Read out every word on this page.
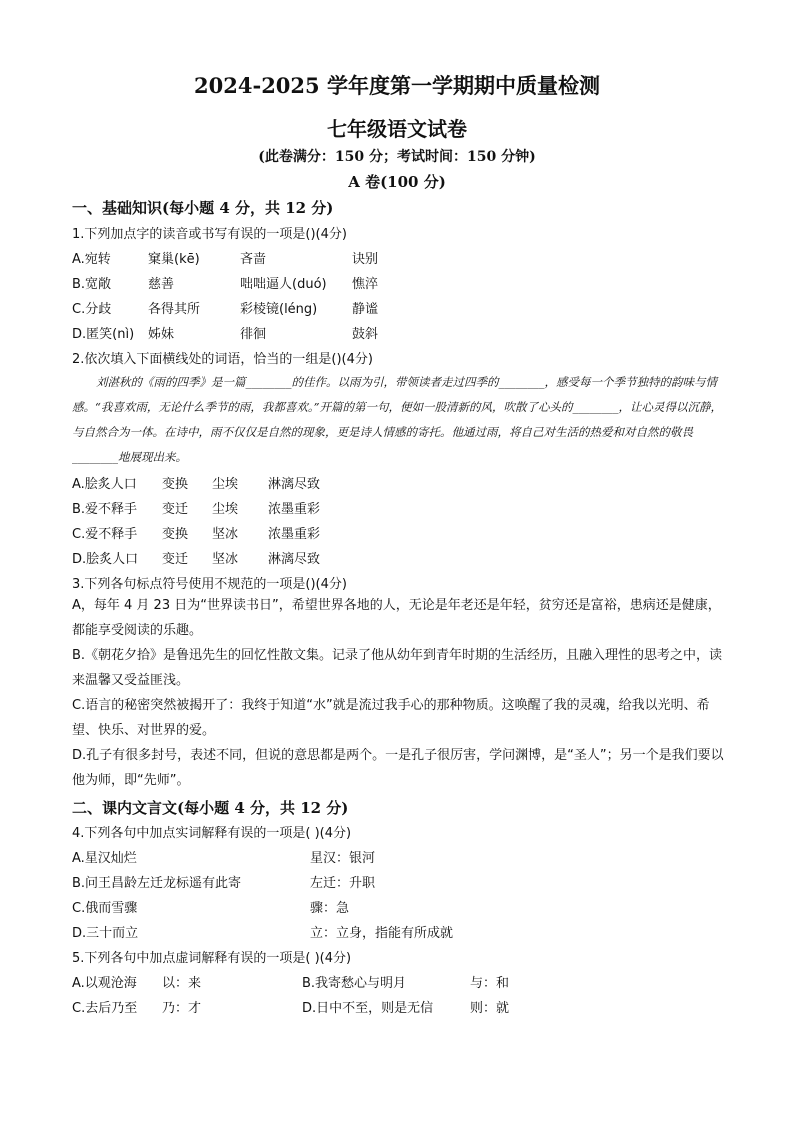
2024-2025 学年度第一学期期中质量检测
七年级语文试卷
(此卷满分：150 分；考试时间：150 分钟)
A 卷(100 分)
一、基础知识(每小题 4 分，共 12 分)
1.下列加点字的读音或书写有误的一项是()(4分)
A.宛转	窠巢(kē)	吝啬	诀别
B.宽敞	慈善	咄咄逼人(duó) 憔淬
C.分歧	各得其所	彩棱镜(léng)	静谧
D.匿笑(nì) 姊妹	徘徊	鼓斜
2.依次填入下面横线处的词语，恰当的一组是()(4分)
刘湛秋的《雨的四季》是一篇________的佳作。以雨为引，带领读者走过四季的________，感受每一个季节独特的韵味与情感。“我喜欢雨，无论什么季节的雨，我都喜欢。”开篇的第一句，便如一股清新的风，吹散了心头的________，让心灵得以沉静，与自然合为一体。在诗中，雨不仅仅是自然的现象，更是诗人情感的寄托。他通过雨，将自己对生活的热爱和对自然的敬畏________地展现出来。
A.脍炙人口 变换 尘埃 淋漓尽致
B.爱不释手 变迁 尘埃 浓墨重彩
C.爱不释手 变换 坚冰 浓墨重彩
D.脍炙人口 变迁 坚冰 淋漓尽致
3.下列各句标点符号使用不规范的一项是()(4分)
A，每年 4 月 23 日为“世界读书日”，希望世界各地的人，无论是年老还是年轻，贫穷还是富裕，患病还是健康，都能享受阅读的乐趣。
B.《朝花夕拾》是鲁迅先生的回忆性散文集。记录了他从幼年到青年时期的生活经历，且融入理性的思考之中，读来温馨又受益匪浅。
C.语言的秘密突然被揭开了：我终于知道“水”就是流过我手心的那种物质。这唤醒了我的灵魂，给我以光明、希望、快乐、对世界的爱。
D.孔子有很多封号，表述不同，但说的意思都是两个。一是孔子很厉害，学问渊博，是“圣人”；另一个是我们要以他为师，即“先师”。
二、课内文言文(每小题 4 分，共 12 分)
4.下列各句中加点实词解释有误的一项是( )(4分)
A.星汉灿烂	星汉：银河
B.问王昌龄左迁龙标遥有此寄	左迁：升职
C.俄而雪骤	骤：急
D.三十而立	立：立身，指能有所成就
5.下列各句中加点虚词解释有误的一项是( )(4分)
A.以观沧海 以：来	B.我寄愁心与明月	与：和
C.去后乃至 乃：才	D.日中不至，则是无信	则：就
